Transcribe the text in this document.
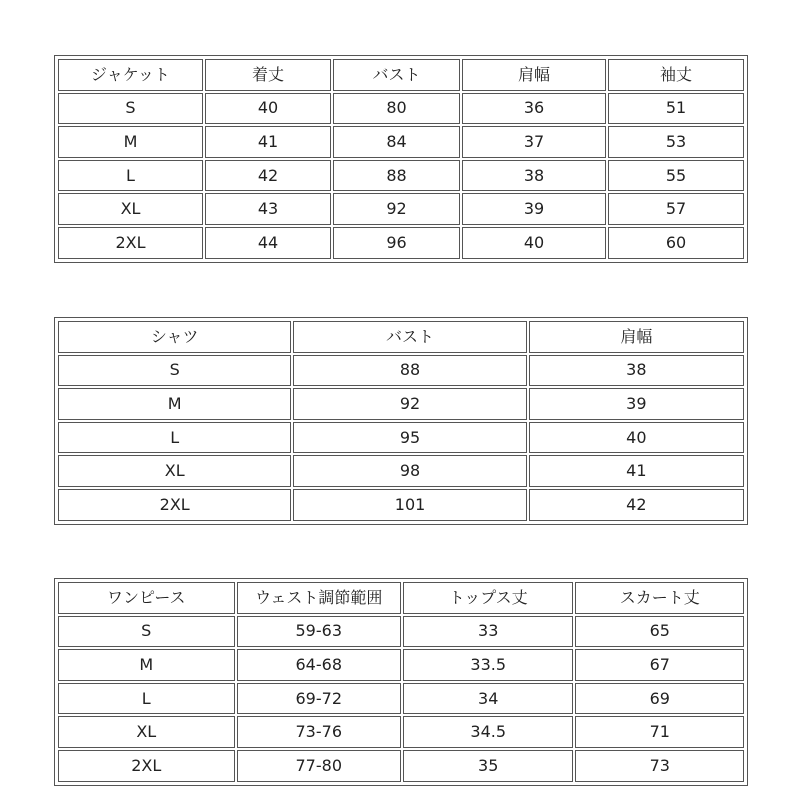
ジャケット	着丈	バスト	肩幅	袖丈
S	40	80	36	51
M	41	84	37	53
L	42	88	38	55
XL	43	92	39	57
2XL	44	96	40	60
シャツ	バスト	肩幅
S	88	38
M	92	39
L	95	40
XL	98	41
2XL	101	42
ワンピース	ウェスト調節範囲	トップス丈	スカート丈
S	59-63	33	65
M	64-68	33.5	67
L	69-72	34	69
XL	73-76	34.5	71
2XL	77-80	35	73
